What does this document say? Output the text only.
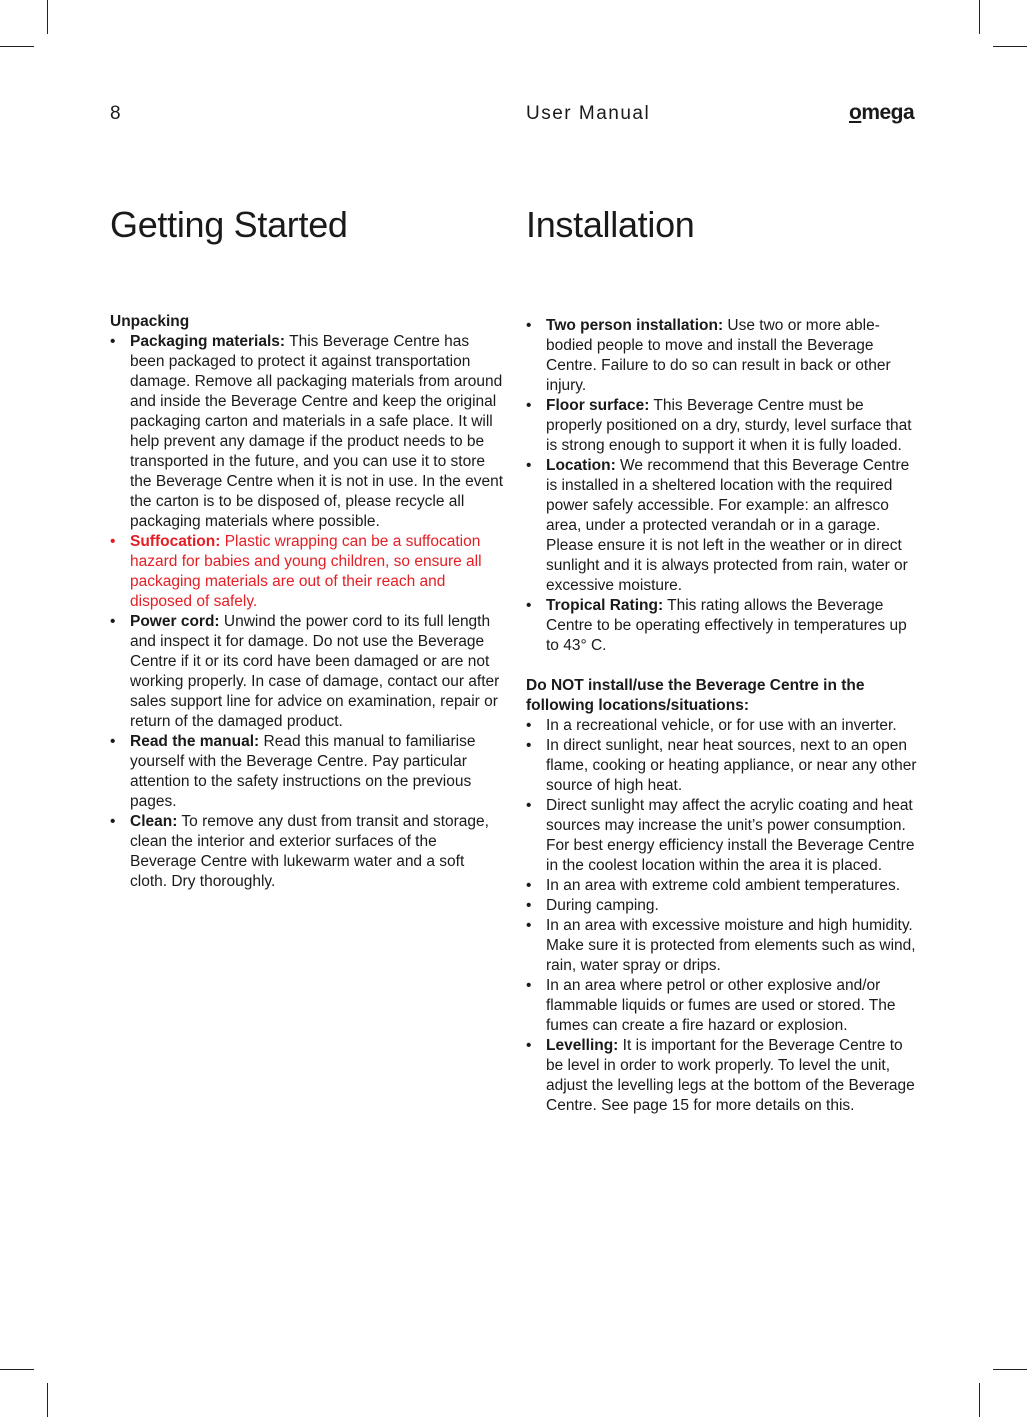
8	User Manual	omega
Getting Started

Unpacking

• Packaging materials: This Beverage Centre has been packaged to protect it against transportation damage. Remove all packaging materials from around and inside the Beverage Centre and keep the original packaging carton and materials in a safe place. It will help prevent any damage if the product needs to be transported in the future, and you can use it to store the Beverage Centre when it is not in use. In the event the carton is to be disposed of, please recycle all packaging materials where possible.
• Suffocation: Plastic wrapping can be a suffocation hazard for babies and young children, so ensure all packaging materials are out of their reach and disposed of safely.
• Power cord: Unwind the power cord to its full length and inspect it for damage. Do not use the Beverage Centre if it or its cord have been damaged or are not working properly. In case of damage, contact our after sales support line for advice on examination, repair or return of the damaged product.
• Read the manual: Read this manual to familiarise yourself with the Beverage Centre. Pay particular attention to the safety instructions on the previous pages.
• Clean: To remove any dust from transit and storage, clean the interior and exterior surfaces of the Beverage Centre with lukewarm water and a soft cloth. Dry thoroughly.
Installation
• Two person installation: Use two or more able-bodied people to move and install the Beverage Centre. Failure to do so can result in back or other injury.
• Floor surface: This Beverage Centre must be properly positioned on a dry, sturdy, level surface that is strong enough to support it when it is fully loaded.
• Location: We recommend that this Beverage Centre is installed in a sheltered location with the required power safely accessible. For example: an alfresco area, under a protected verandah or in a garage. Please ensure it is not left in the weather or in direct sunlight and it is always protected from rain, water or excessive moisture.
• Tropical Rating: This rating allows the Beverage Centre to be operating effectively in temperatures up to 43° C.

Do NOT install/use the Beverage Centre in the following locations/situations:

• In a recreational vehicle, or for use with an inverter.
• In direct sunlight, near heat sources, next to an open flame, cooking or heating appliance, or near any other source of high heat.
• Direct sunlight may affect the acrylic coating and heat sources may increase the unit’s power consumption. For best energy efficiency install the Beverage Centre in the coolest location within the area it is placed.
• In an area with extreme cold ambient temperatures.
• During camping.
• In an area with excessive moisture and high humidity. Make sure it is protected from elements such as wind, rain, water spray or drips.
• In an area where petrol or other explosive and/or flammable liquids or fumes are used or stored. The fumes can create a fire hazard or explosion.
• Levelling: It is important for the Beverage Centre to be level in order to work properly. To level the unit, adjust the levelling legs at the bottom of the Beverage Centre. See page 15 for more details on this.
